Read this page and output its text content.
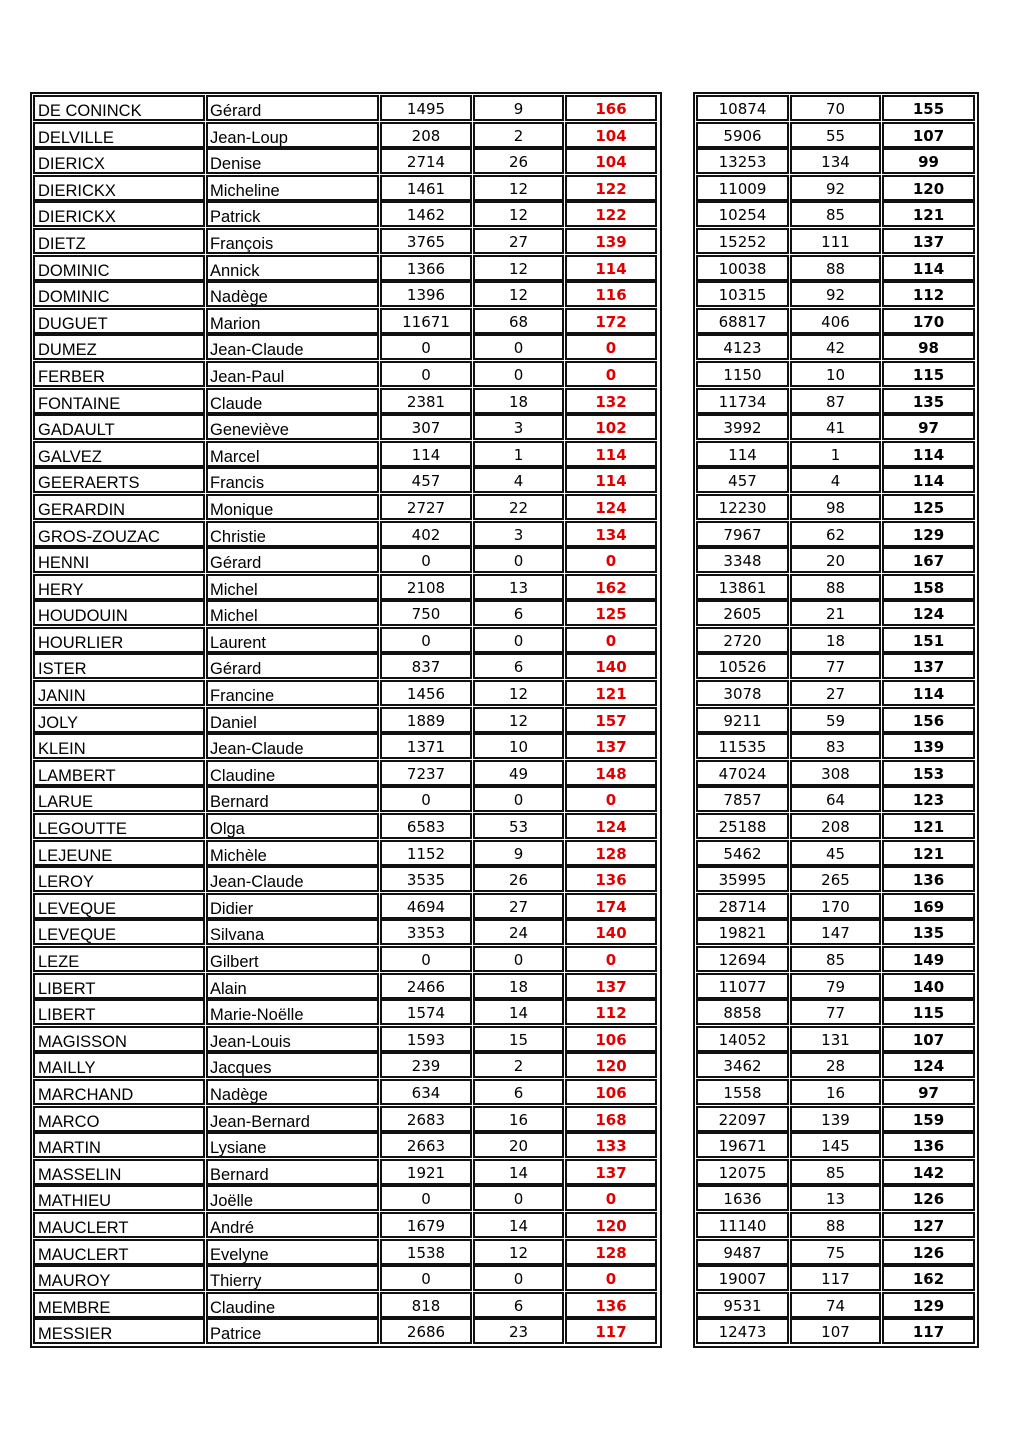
DE CONINCK	Gérard	1495	9	166
DELVILLE	Jean-Loup	208	2	104
DIERICX	Denise	2714	26	104
DIERICKX	Micheline	1461	12	122
DIERICKX	Patrick	1462	12	122
DIETZ	François	3765	27	139
DOMINIC	Annick	1366	12	114
DOMINIC	Nadège	1396	12	116
DUGUET	Marion	11671	68	172
DUMEZ	Jean-Claude	0	0	0
FERBER	Jean-Paul	0	0	0
FONTAINE	Claude	2381	18	132
GADAULT	Geneviève	307	3	102
GALVEZ	Marcel	114	1	114
GEERAERTS	Francis	457	4	114
GERARDIN	Monique	2727	22	124
GROS-ZOUZAC	Christie	402	3	134
HENNI	Gérard	0	0	0
HERY	Michel	2108	13	162
HOUDOUIN	Michel	750	6	125
HOURLIER	Laurent	0	0	0
ISTER	Gérard	837	6	140
JANIN	Francine	1456	12	121
JOLY	Daniel	1889	12	157
KLEIN	Jean-Claude	1371	10	137
LAMBERT	Claudine	7237	49	148
LARUE	Bernard	0	0	0
LEGOUTTE	Olga	6583	53	124
LEJEUNE	Michèle	1152	9	128
LEROY	Jean-Claude	3535	26	136
LEVEQUE	Didier	4694	27	174
LEVEQUE	Silvana	3353	24	140
LEZE	Gilbert	0	0	0
LIBERT	Alain	2466	18	137
LIBERT	Marie-Noëlle	1574	14	112
MAGISSON	Jean-Louis	1593	15	106
MAILLY	Jacques	239	2	120
MARCHAND	Nadège	634	6	106
MARCO	Jean-Bernard	2683	16	168
MARTIN	Lysiane	2663	20	133
MASSELIN	Bernard	1921	14	137
MATHIEU	Joëlle	0	0	0
MAUCLERT	André	1679	14	120
MAUCLERT	Evelyne	1538	12	128
MAUROY	Thierry	0	0	0
MEMBRE	Claudine	818	6	136
MESSIER	Patrice	2686	23	117
10874	70	155
5906	55	107
13253	134	99
11009	92	120
10254	85	121
15252	111	137
10038	88	114
10315	92	112
68817	406	170
4123	42	98
1150	10	115
11734	87	135
3992	41	97
114	1	114
457	4	114
12230	98	125
7967	62	129
3348	20	167
13861	88	158
2605	21	124
2720	18	151
10526	77	137
3078	27	114
9211	59	156
11535	83	139
47024	308	153
7857	64	123
25188	208	121
5462	45	121
35995	265	136
28714	170	169
19821	147	135
12694	85	149
11077	79	140
8858	77	115
14052	131	107
3462	28	124
1558	16	97
22097	139	159
19671	145	136
12075	85	142
1636	13	126
11140	88	127
9487	75	126
19007	117	162
9531	74	129
12473	107	117
